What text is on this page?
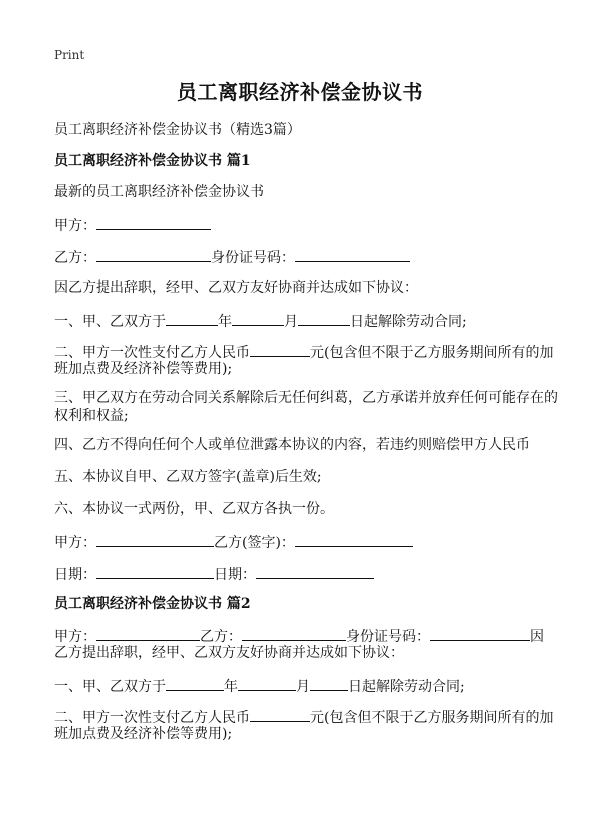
Print
员工离职经济补偿金协议书
员工离职经济补偿金协议书（精选3篇）
员工离职经济补偿金协议书 篇1
最新的员工离职经济补偿金协议书
甲方：
乙方：	身份证号码：
因乙方提出辞职，经甲、乙双方友好协商并达成如下协议：
一、甲、乙双方于	年	月	日起解除劳动合同;
二、甲方一次性支付乙方人民币	元(包含但不限于乙方服务期间所有的加
班加点费及经济补偿等费用);
三、甲乙双方在劳动合同关系解除后无任何纠葛，乙方承诺并放弃任何可能存在的
权利和权益;
四、乙方不得向任何个人或单位泄露本协议的内容，若违约则赔偿甲方人民币
五、本协议自甲、乙双方签字(盖章)后生效;
六、本协议一式两份，甲、乙双方各执一份。
甲方：	乙方(签字)：
日期：	日期：
员工离职经济补偿金协议书 篇2
甲方：	乙方：	身份证号码：	因
乙方提出辞职，经甲、乙双方友好协商并达成如下协议：
一、甲、乙双方于	年	月	日起解除劳动合同;
二、甲方一次性支付乙方人民币	元(包含但不限于乙方服务期间所有的加
班加点费及经济补偿等费用);
